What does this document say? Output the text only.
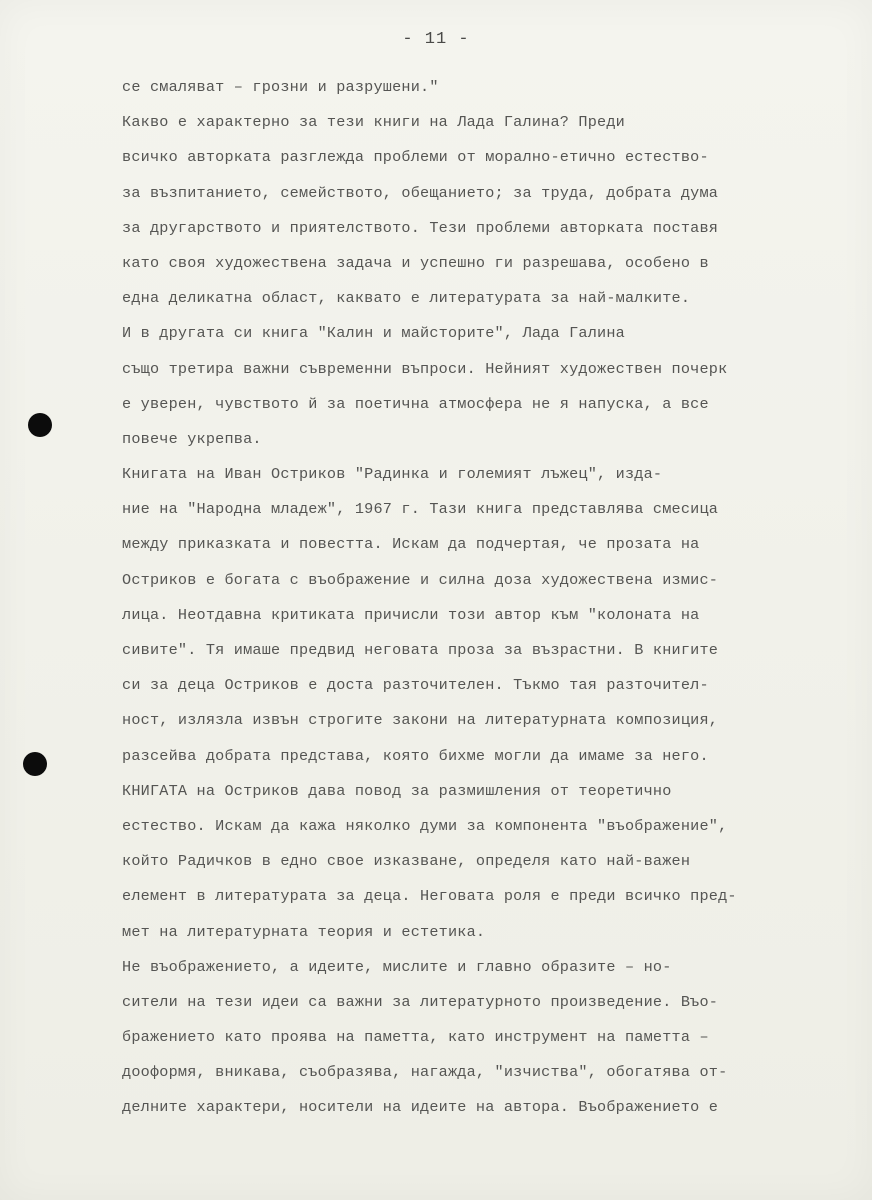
- 11 -
се смаляват – грозни и разрушени."
Какво е характерно за тези книги на Лада Галина? Преди
всичко авторката разглежда проблеми от морално-етично естество-
за възпитанието, семейството, обещанието; за труда, добрата дума
за другарството и приятелството. Тези проблеми авторката поставя
като своя художествена задача и успешно ги разрешава, особено в
една деликатна област, каквато е литературата за най-малките.
И в другата си книга "Калин и майсторите", Лада Галина
също третира важни съвременни въпроси. Нейният художествен почерк
е уверен, чувството й за поетична атмосфера не я напуска, а все
повече укрепва.
Книгата на Иван Остриков "Радинка и големият лъжец", изда-
ние на "Народна младеж", 1967 г. Тази книга представлява смесица
между приказката и повестта. Искам да подчертая, че прозата на
Остриков е богата с въображение и силна доза художествена измис-
лица. Неотдавна критиката причисли този автор към "колоната на
сивите". Тя имаше предвид неговата проза за възрастни. В книгите
си за деца Остриков е доста разточителен. Тъкмо тая разточител-
ност, излязла извън строгите закони на литературната композиция,
разсейва добрата представа, която бихме могли да имаме за него.
КНИГАТА на Остриков дава повод за размишления от теоретично
естество. Искам да кажа няколко думи за компонента "въображение",
който Радичков в едно свое изказване, определя като най-важен
елемент в литературата за деца. Неговата роля е преди всичко пред-
мет на литературната теория и естетика.
Не въображението, а идеите, мислите и главно образите – но-
сители на тези идеи са важни за литературното произведение. Въо-
бражението като проява на паметта, като инструмент на паметта –
дооформя, вникава, съобразява, нагажда, "изчиства", обогатява от-
делните характери, носители на идеите на автора. Въображението е
